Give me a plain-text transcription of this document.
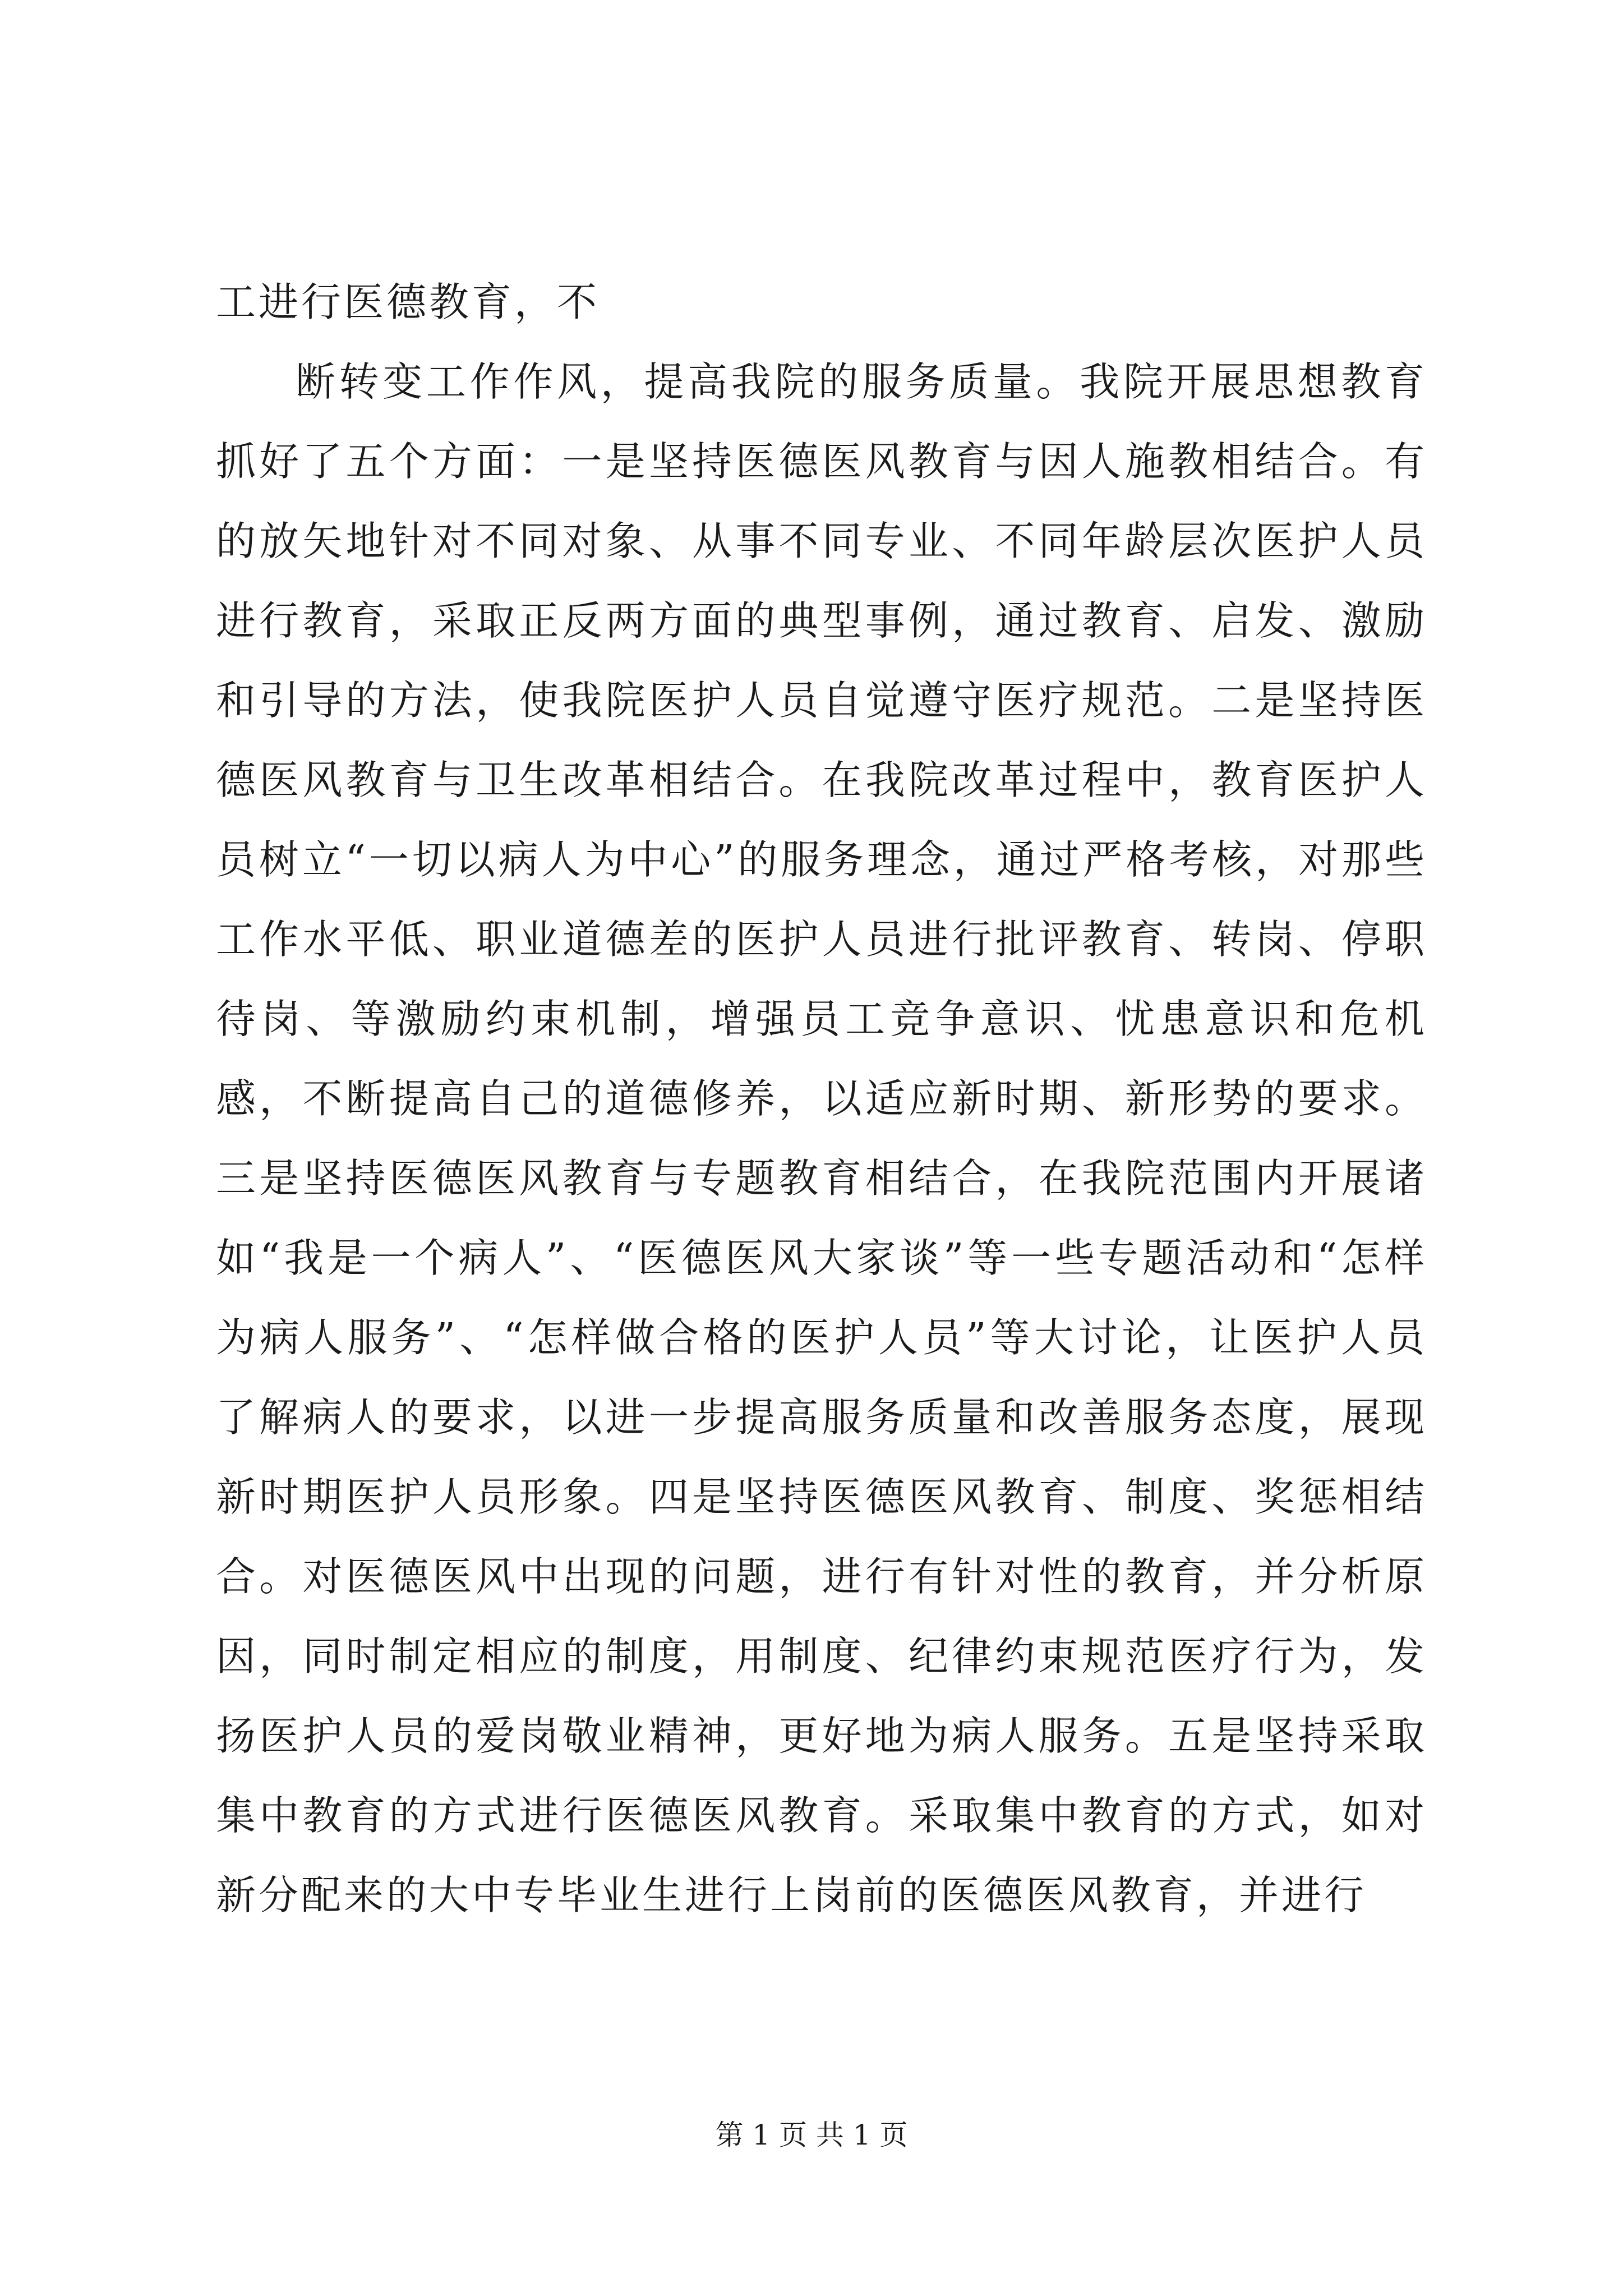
工进行医德教育，不

断转变工作作风，提高我院的服务质量。我院开展思想教育抓好了五个方面：一是坚持医德医风教育与因人施教相结合。有的放矢地针对不同对象、从事不同专业、不同年龄层次医护人员进行教育，采取正反两方面的典型事例，通过教育、启发、激励和引导的方法，使我院医护人员自觉遵守医疗规范。二是坚持医德医风教育与卫生改革相结合。在我院改革过程中，教育医护人员树立“一切以病人为中心”的服务理念，通过严格考核，对那些工作水平低、职业道德差的医护人员进行批评教育、转岗、停职待岗、等激励约束机制，增强员工竞争意识、忧患意识和危机感，不断提高自己的道德修养，以适应新时期、新形势的要求。三是坚持医德医风教育与专题教育相结合，在我院范围内开展诸如“我是一个病人”、“医德医风大家谈”等一些专题活动和“怎样为病人服务”、“怎样做合格的医护人员”等大讨论，让医护人员了解病人的要求，以进一步提高服务质量和改善服务态度，展现新时期医护人员形象。四是坚持医德医风教育、制度、奖惩相结合。对医德医风中出现的问题，进行有针对性的教育，并分析原因，同时制定相应的制度，用制度、纪律约束规范医疗行为，发扬医护人员的爱岗敬业精神，更好地为病人服务。五是坚持采取集中教育的方式进行医德医风教育。采取集中教育的方式，如对新分配来的大中专毕业生进行上岗前的医德医风教育，并进行

第 1 页 共 1 页
